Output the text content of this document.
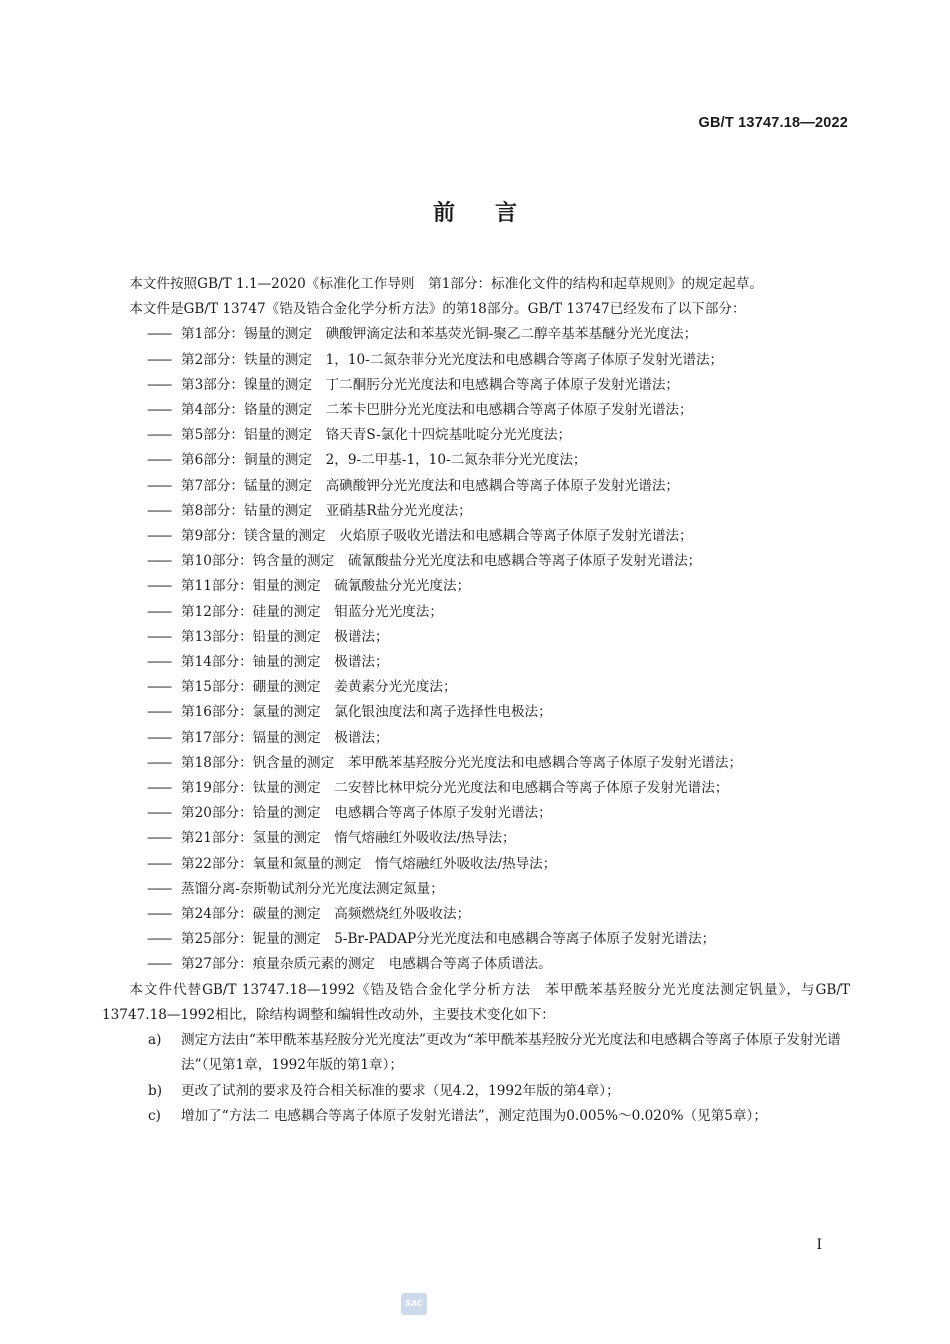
GB/T 13747.18—2022
前言

本文件按照GB/T 1.1—2020《标准化工作导则　第1部分：标准化文件的结构和起草规则》的规定起草。

本文件是GB/T 13747《锆及锆合金化学分析方法》的第18部分。GB/T 13747已经发布了以下部分：

—— 第1部分：锡量的测定　碘酸钾滴定法和苯基荧光铜-聚乙二醇辛基苯基醚分光光度法；

—— 第2部分：铁量的测定　1，10-二氮杂菲分光光度法和电感耦合等离子体原子发射光谱法；

—— 第3部分：镍量的测定　丁二酮肟分光光度法和电感耦合等离子体原子发射光谱法；

—— 第4部分：铬量的测定　二苯卡巴肼分光光度法和电感耦合等离子体原子发射光谱法；

—— 第5部分：铝量的测定　铬天青S-氯化十四烷基吡啶分光光度法；

—— 第6部分：铜量的测定　2，9-二甲基-1，10-二氮杂菲分光光度法；

—— 第7部分：锰量的测定　高碘酸钾分光光度法和电感耦合等离子体原子发射光谱法；

—— 第8部分：钴量的测定　亚硝基R盐分光光度法；

—— 第9部分：镁含量的测定　火焰原子吸收光谱法和电感耦合等离子体原子发射光谱法；

—— 第10部分：钨含量的测定　硫氰酸盐分光光度法和电感耦合等离子体原子发射光谱法；

—— 第11部分：钼量的测定　硫氰酸盐分光光度法；

—— 第12部分：硅量的测定　钼蓝分光光度法；

—— 第13部分：铅量的测定　极谱法；

—— 第14部分：铀量的测定　极谱法；

—— 第15部分：硼量的测定　姜黄素分光光度法；

—— 第16部分：氯量的测定　氯化银浊度法和离子选择性电极法；

—— 第17部分：镉量的测定　极谱法；

—— 第18部分：钒含量的测定　苯甲酰苯基羟胺分光光度法和电感耦合等离子体原子发射光谱法；

—— 第19部分：钛量的测定　二安替比林甲烷分光光度法和电感耦合等离子体原子发射光谱法；

—— 第20部分：铪量的测定　电感耦合等离子体原子发射光谱法；

—— 第21部分：氢量的测定　惰气熔融红外吸收法/热导法；

—— 第22部分：氧量和氮量的测定　惰气熔融红外吸收法/热导法；

—— 蒸馏分离-奈斯勒试剂分光光度法测定氮量；

—— 第24部分：碳量的测定　高频燃烧红外吸收法；

—— 第25部分：铌量的测定　5-Br-PADAP分光光度法和电感耦合等离子体原子发射光谱法；

—— 第27部分：痕量杂质元素的测定　电感耦合等离子体质谱法。

本文件代替GB/T 13747.18—1992《锆及锆合金化学分析方法　苯甲酰苯基羟胺分光光度法测定钒量》，与GB/T 13747.18—1992相比，除结构调整和编辑性改动外，主要技术变化如下：

a) 测定方法由“苯甲酰苯基羟胺分光光度法”更改为“苯甲酰苯基羟胺分光光度法和电感耦合等离子体原子发射光谱法”（见第1章，1992年版的第1章）；

b) 更改了试剂的要求及符合相关标准的要求（见4.2，1992年版的第4章）；

c) 增加了“方法二 电感耦合等离子体原子发射光谱法”，测定范围为0.005%～0.020%（见第5章）；

I
SAC
